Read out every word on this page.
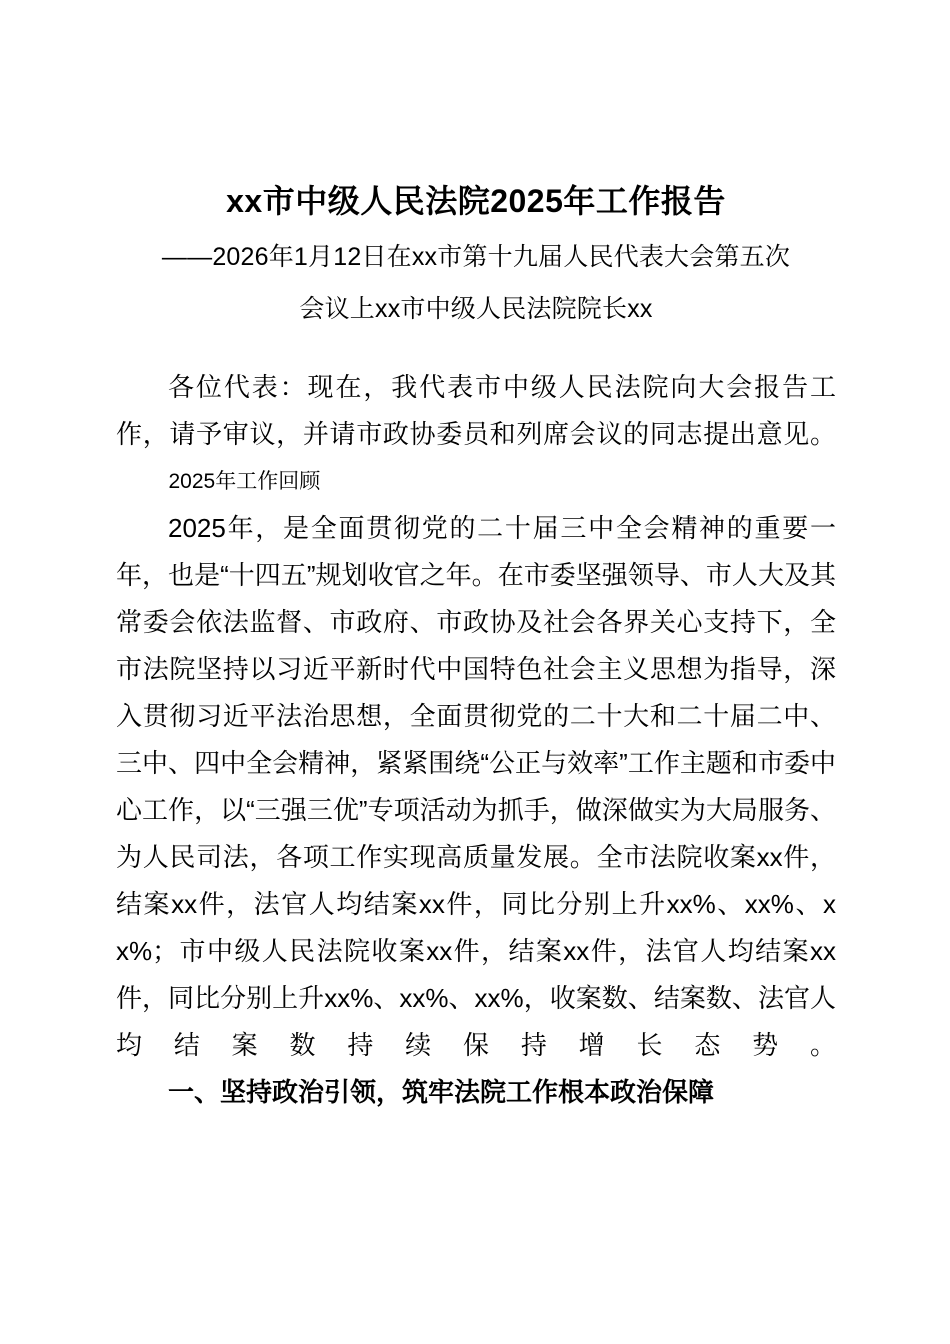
xx市中级人民法院2025年工作报告
——2026年1月12日在xx市第十九届人民代表大会第五次
会议上xx市中级人民法院院长xx

各位代表：现在，我代表市中级人民法院向大会报告工作，请予审议，并请市政协委员和列席会议的同志提出意见。

2025年工作回顾

2025年，是全面贯彻党的二十届三中全会精神的重要一年，也是“十四五”规划收官之年。在市委坚强领导、市人大及其常委会依法监督、市政府、市政协及社会各界关心支持下，全市法院坚持以习近平新时代中国特色社会主义思想为指导，深入贯彻习近平法治思想，全面贯彻党的二十大和二十届二中、三中、四中全会精神，紧紧围绕“公正与效率”工作主题和市委中心工作，以“三强三优”专项活动为抓手，做深做实为大局服务、为人民司法，各项工作实现高质量发展。全市法院收案xx件，结案xx件，法官人均结案xx件，同比分别上升xx%、xx%、xx%；市中级人民法院收案xx件，结案xx件，法官人均结案xx件，同比分别上升xx%、xx%、xx%，收案数、结案数、法官人均结案数持续保持增长态势。

一、坚持政治引领，筑牢法院工作根本政治保障
